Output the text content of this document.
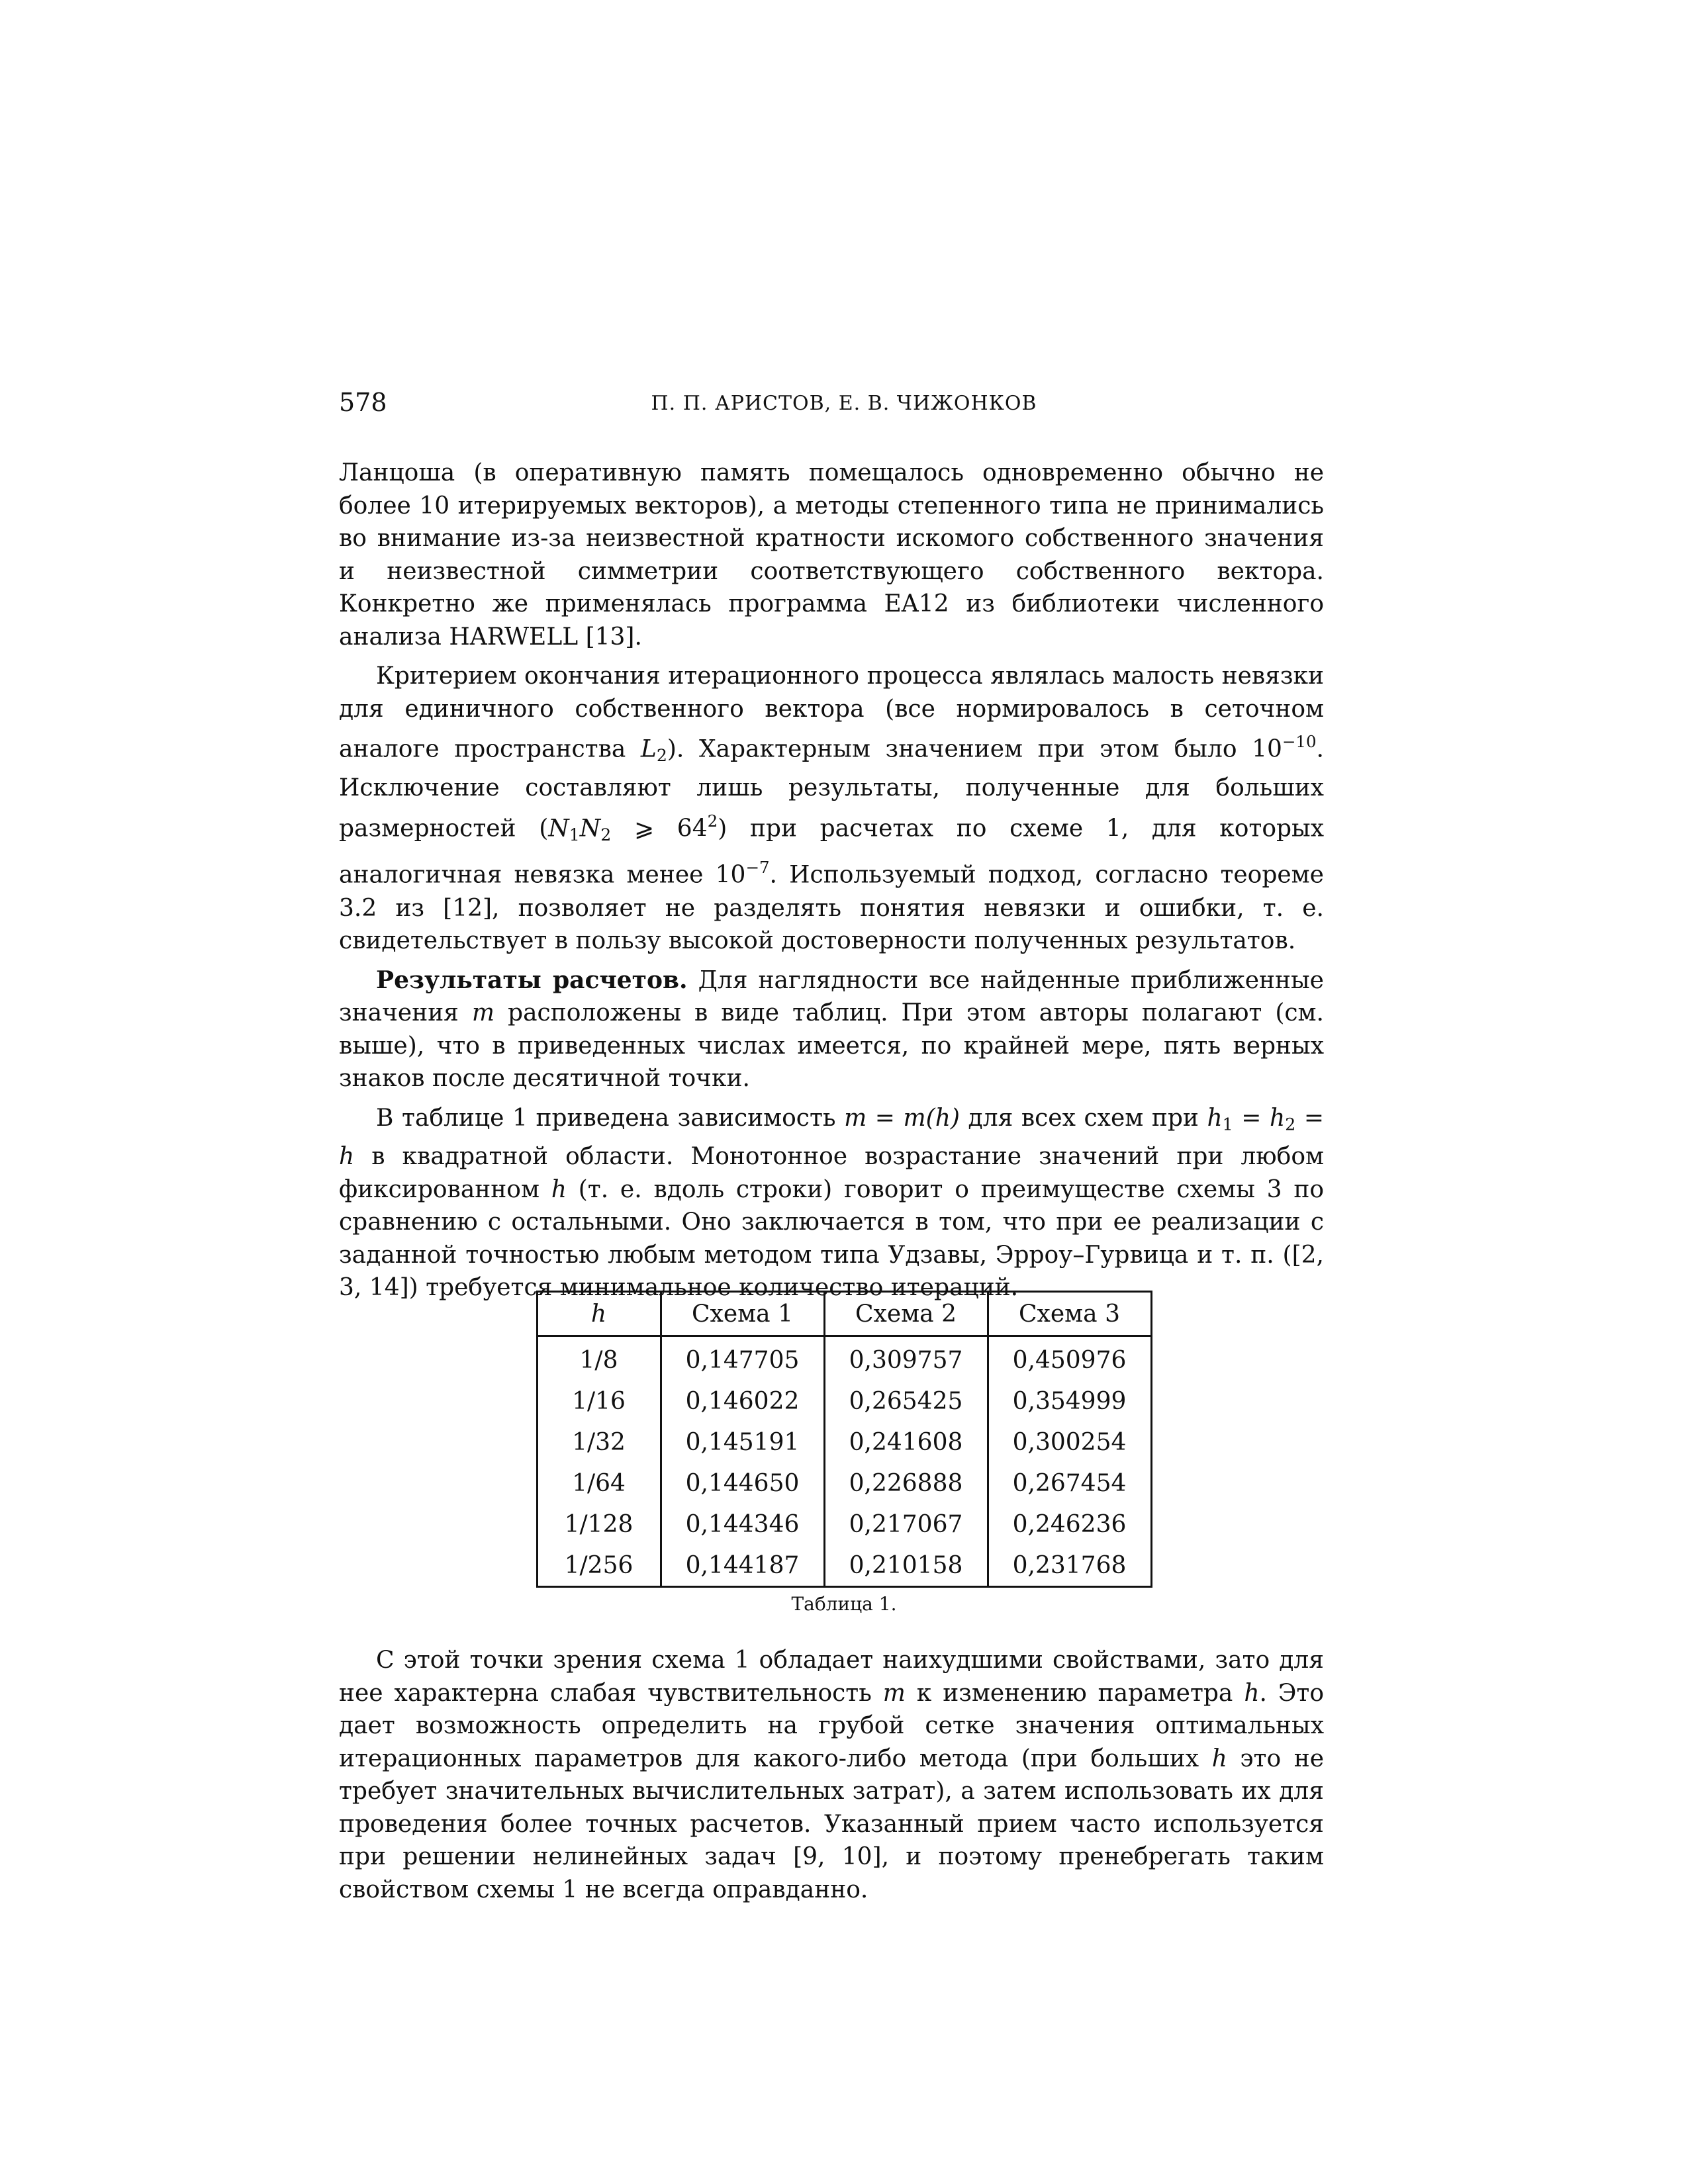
578	П. П. АРИСТОВ, Е. В. ЧИЖОНКОВ

Ланцоша (в оперативную память помещалось одновременно обычно не более 10 итерируемых векторов), а методы степенного типа не принимались во внимание из-за неизвестной кратности искомого собственного значения и неизвестной симметрии соответствующего собственного вектора. Конкретно же применялась программа EA12 из библиотеки численного анализа HARWELL [13].

Критерием окончания итерационного процесса являлась малость невязки для единичного собственного вектора (все нормировалось в сеточном аналоге пространства $L_2$). Характерным значением при этом было $10^{-10}$. Исключение составляют лишь результаты, полученные для больших размерностей ($N_1N_2$ ⩾ $64^2$) при расчетах по схеме 1, для которых аналогичная невязка менее $10^{-7}$. Используемый подход, согласно теореме 3.2 из [12], позволяет не разделять понятия невязки и ошибки, т. е. свидетельствует в пользу высокой достоверности полученных результатов.

Результаты расчетов. Для наглядности все найденные приближенные значения m расположены в виде таблиц. При этом авторы полагают (см. выше), что в приведенных числах имеется, по крайней мере, пять верных знаков после десятичной точки.

В таблице 1 приведена зависимость m = m(h) для всех схем при $h_1 = h_2 = h$ в квадратной области. Монотонное возрастание значений при любом фиксированном h (т. е. вдоль строки) говорит о преимуществе схемы 3 по сравнению с остальными. Оно заключается в том, что при ее реализации с заданной точностью любым методом типа Удзавы, Эрроу–Гурвица и т. п. ([2, 3, 14]) требуется минимальное количество итераций.

h	Схема 1	Схема 2	Схема 3
1/8	0,147705	0,309757	0,450976
1/16	0,146022	0,265425	0,354999
1/32	0,145191	0,241608	0,300254
1/64	0,144650	0,226888	0,267454
1/128	0,144346	0,217067	0,246236
1/256	0,144187	0,210158	0,231768
Таблица 1.

С этой точки зрения схема 1 обладает наихудшими свойствами, зато для нее характерна слабая чувствительность m к изменению параметра h. Это дает возможность определить на грубой сетке значения оптимальных итерационных параметров для какого-либо метода (при больших h это не требует значительных вычислительных затрат), а затем использовать их для проведения более точных расчетов. Указанный прием часто используется при решении нелинейных задач [9, 10], и поэтому пренебрегать таким свойством схемы 1 не всегда оправданно.
